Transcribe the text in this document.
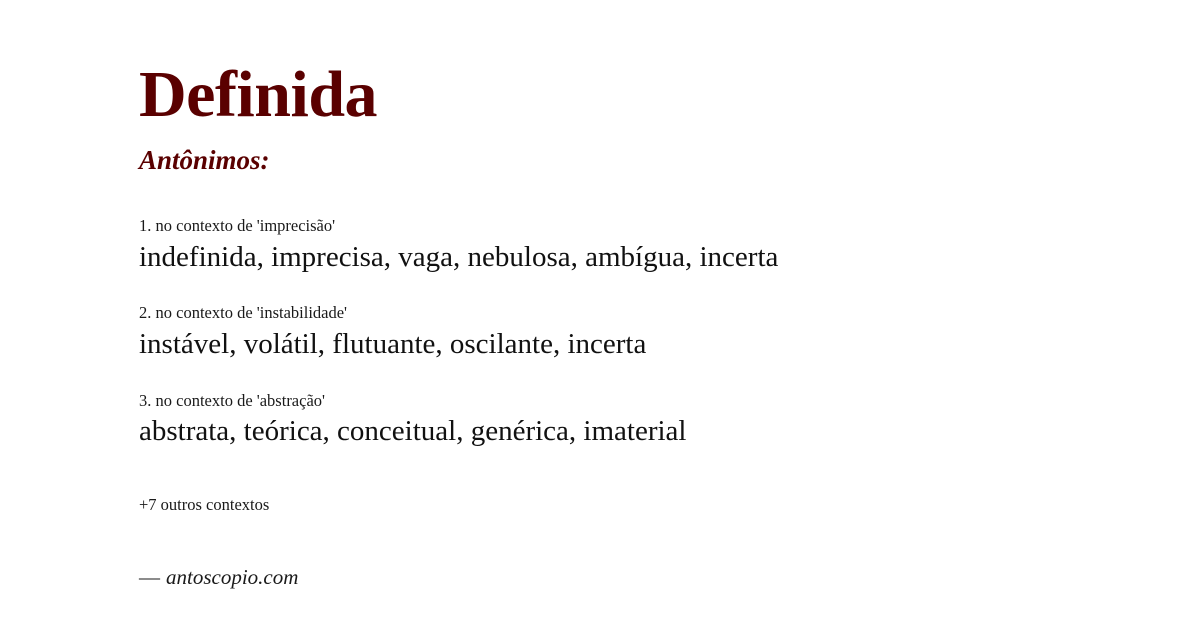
Definida
Antônimos:
1. no contexto de 'imprecisão'
indefinida, imprecisa, vaga, nebulosa, ambígua, incerta
2. no contexto de 'instabilidade'
instável, volátil, flutuante, oscilante, incerta
3. no contexto de 'abstração'
abstrata, teórica, conceitual, genérica, imaterial
+7 outros contextos
— antoscopio.com
